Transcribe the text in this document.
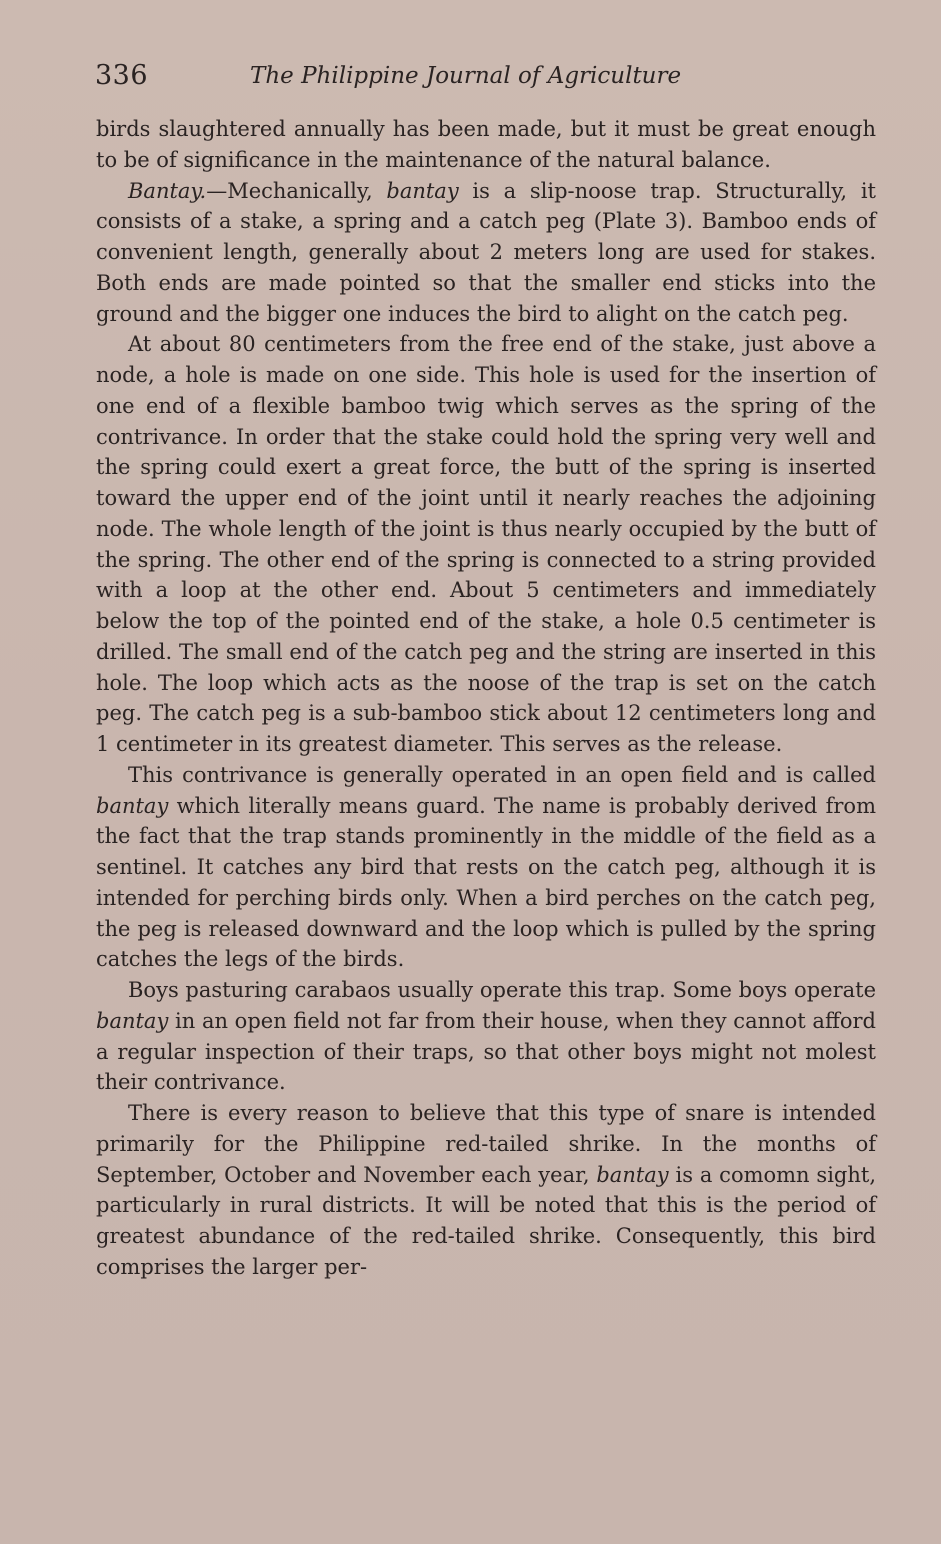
336	The Philippine Journal of Agriculture

birds slaughtered annually has been made, but it must be great enough to be of significance in the maintenance of the natural balance.

Bantay.—Mechanically, bantay is a slip-noose trap. Structurally, it consists of a stake, a spring and a catch peg (Plate 3). Bamboo ends of convenient length, generally about 2 meters long are used for stakes. Both ends are made pointed so that the smaller end sticks into the ground and the bigger one induces the bird to alight on the catch peg.

At about 80 centimeters from the free end of the stake, just above a node, a hole is made on one side. This hole is used for the insertion of one end of a flexible bamboo twig which serves as the spring of the contrivance. In order that the stake could hold the spring very well and the spring could exert a great force, the butt of the spring is inserted toward the upper end of the joint until it nearly reaches the adjoining node. The whole length of the joint is thus nearly occupied by the butt of the spring. The other end of the spring is connected to a string provided with a loop at the other end. About 5 centimeters and immediately below the top of the pointed end of the stake, a hole 0.5 centimeter is drilled. The small end of the catch peg and the string are inserted in this hole. The loop which acts as the noose of the trap is set on the catch peg. The catch peg is a sub-bamboo stick about 12 centimeters long and 1 centimeter in its greatest diameter. This serves as the release.

This contrivance is generally operated in an open field and is called bantay which literally means guard. The name is probably derived from the fact that the trap stands prominently in the middle of the field as a sentinel. It catches any bird that rests on the catch peg, although it is intended for perching birds only. When a bird perches on the catch peg, the peg is released downward and the loop which is pulled by the spring catches the legs of the birds.

Boys pasturing carabaos usually operate this trap. Some boys operate bantay in an open field not far from their house, when they cannot afford a regular inspection of their traps, so that other boys might not molest their contrivance.

There is every reason to believe that this type of snare is intended primarily for the Philippine red-tailed shrike. In the months of September, October and November each year, bantay is a comomn sight, particularly in rural districts. It will be noted that this is the period of greatest abundance of the red-tailed shrike. Consequently, this bird comprises the larger per-
